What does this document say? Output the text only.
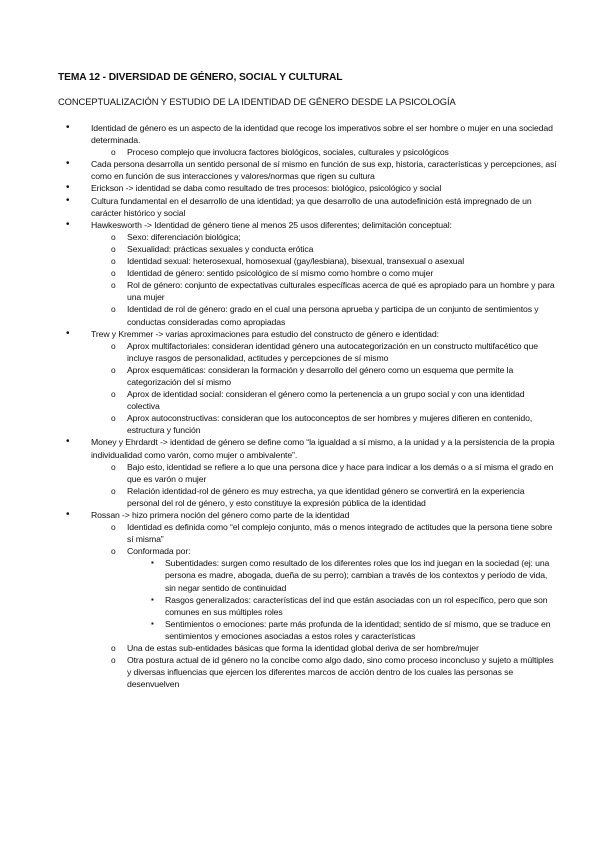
TEMA 12 - DIVERSIDAD DE GÉNERO, SOCIAL Y CULTURAL
CONCEPTUALIZACIÓN Y ESTUDIO DE LA IDENTIDAD DE GÉNERO DESDE LA PSICOLOGÍA
• Identidad de género es un aspecto de la identidad que recoge los imperativos sobre el ser hombre o mujer en una sociedad determinada.
o Proceso complejo que involucra factores biológicos, sociales, culturales y psicológicos
• Cada persona desarrolla un sentido personal de sí mismo en función de sus exp, historia, características y percepciones, así como en función de sus interacciones y valores/normas que rigen su cultura
• Erickson -> identidad se daba como resultado de tres procesos: biológico, psicológico y social
• Cultura fundamental en el desarrollo de una identidad; ya que desarrollo de una autodefinición está impregnado de un carácter histórico y social
• Hawkesworth -> Identidad de género tiene al menos 25 usos diferentes; delimitación conceptual:
o Sexo: diferenciación biológica;
o Sexualidad: prácticas sexuales y conducta erótica
o Identidad sexual: heterosexual, homosexual (gay/lesbiana), bisexual, transexual o asexual
o Identidad de género: sentido psicológico de sí mismo como hombre o como mujer
o Rol de género: conjunto de expectativas culturales específicas acerca de qué es apropiado para un hombre y para una mujer
o Identidad de rol de género: grado en el cual una persona aprueba y participa de un conjunto de sentimientos y conductas consideradas como apropiadas
• Trew y Kremmer -> varias aproximaciones para estudio del constructo de género e identidad:
o Aprox multifactoriales: consideran identidad género una autocategorización en un constructo multifacético que incluye rasgos de personalidad, actitudes y percepciones de sí mismo
o Aprox esquemáticas: consideran la formación y desarrollo del género como un esquema que permite la categorización del sí mismo
o Aprox de identidad social: consideran el género como la pertenencia a un grupo social y con una identidad colectiva
o Aprox autoconstructivas: consideran que los autoconceptos de ser hombres y mujeres difieren en contenido, estructura y función
• Money y Ehrdardt -> identidad de género se define como “la igualdad a sí mismo, a la unidad y a la persistencia de la propia individualidad como varón, como mujer o ambivalente”.
o Bajo esto, identidad se refiere a lo que una persona dice y hace para indicar a los demás o a sí misma el grado en que es varón o mujer
o Relación identidad-rol de género es muy estrecha, ya que identidad género se convertirá en la experiencia personal del rol de género, y esto constituye la expresión pública de la identidad
• Rossan -> hizo primera noción del género como parte de la identidad
o Identidad es definida como “el complejo conjunto, más o menos integrado de actitudes que la persona tiene sobre sí misma”
o Conformada por:
▪ Subentidades: surgen como resultado de los diferentes roles que los ind juegan en la sociedad (ej: una persona es madre, abogada, dueña de su perro); cambian a través de los contextos y periodo de vida, sin negar sentido de continuidad
▪ Rasgos generalizados: características del ind que están asociadas con un rol específico, pero que son comunes en sus múltiples roles
▪ Sentimientos o emociones: parte más profunda de la identidad; sentido de sí mismo, que se traduce en sentimientos y emociones asociadas a estos roles y características
o Una de estas sub-entidades básicas que forma la identidad global deriva de ser hombre/mujer
o Otra postura actual de id género no la concibe como algo dado, sino como proceso inconcluso y sujeto a múltiples y diversas influencias que ejercen los diferentes marcos de acción dentro de los cuales las personas se desenvuelven
